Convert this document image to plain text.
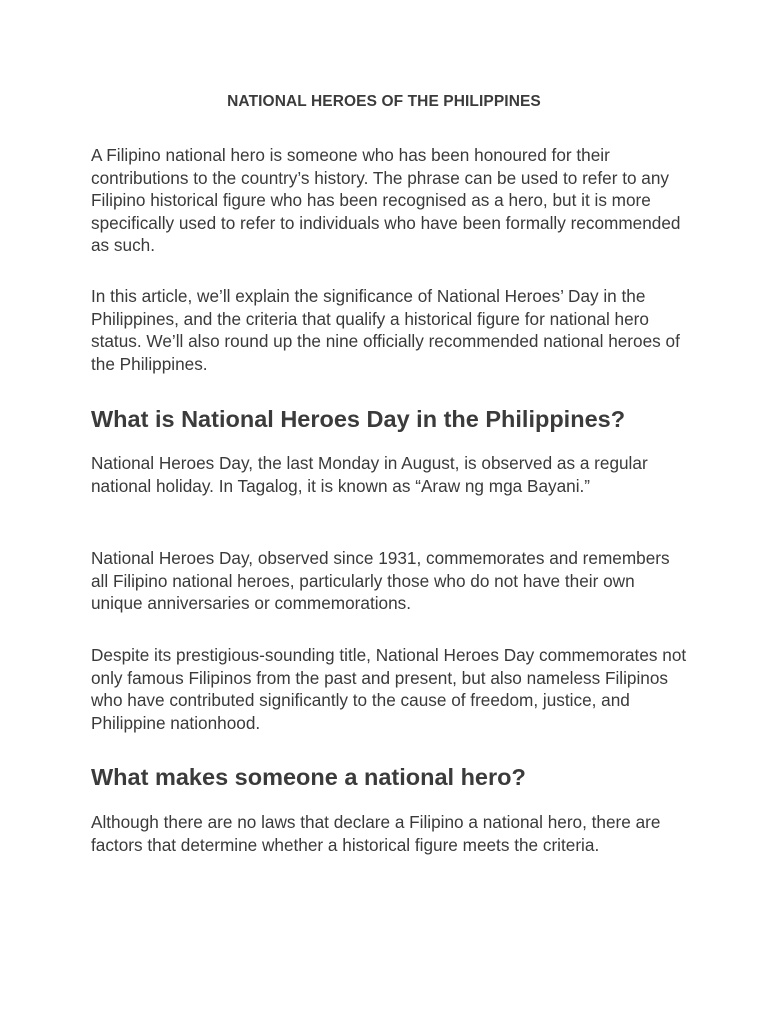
NATIONAL HEROES OF THE PHILIPPINES

A Filipino national hero is someone who has been honoured for their contributions to the country’s history. The phrase can be used to refer to any Filipino historical figure who has been recognised as a hero, but it is more specifically used to refer to individuals who have been formally recommended as such.

In this article, we’ll explain the significance of National Heroes’ Day in the Philippines, and the criteria that qualify a historical figure for national hero status. We’ll also round up the nine officially recommended national heroes of the Philippines.

What is National Heroes Day in the Philippines?

National Heroes Day, the last Monday in August, is observed as a regular national holiday. In Tagalog, it is known as “Araw ng mga Bayani.”

National Heroes Day, observed since 1931, commemorates and remembers all Filipino national heroes, particularly those who do not have their own unique anniversaries or commemorations.

Despite its prestigious-sounding title, National Heroes Day commemorates not only famous Filipinos from the past and present, but also nameless Filipinos who have contributed significantly to the cause of freedom, justice, and Philippine nationhood.

What makes someone a national hero?

Although there are no laws that declare a Filipino a national hero, there are factors that determine whether a historical figure meets the criteria.
